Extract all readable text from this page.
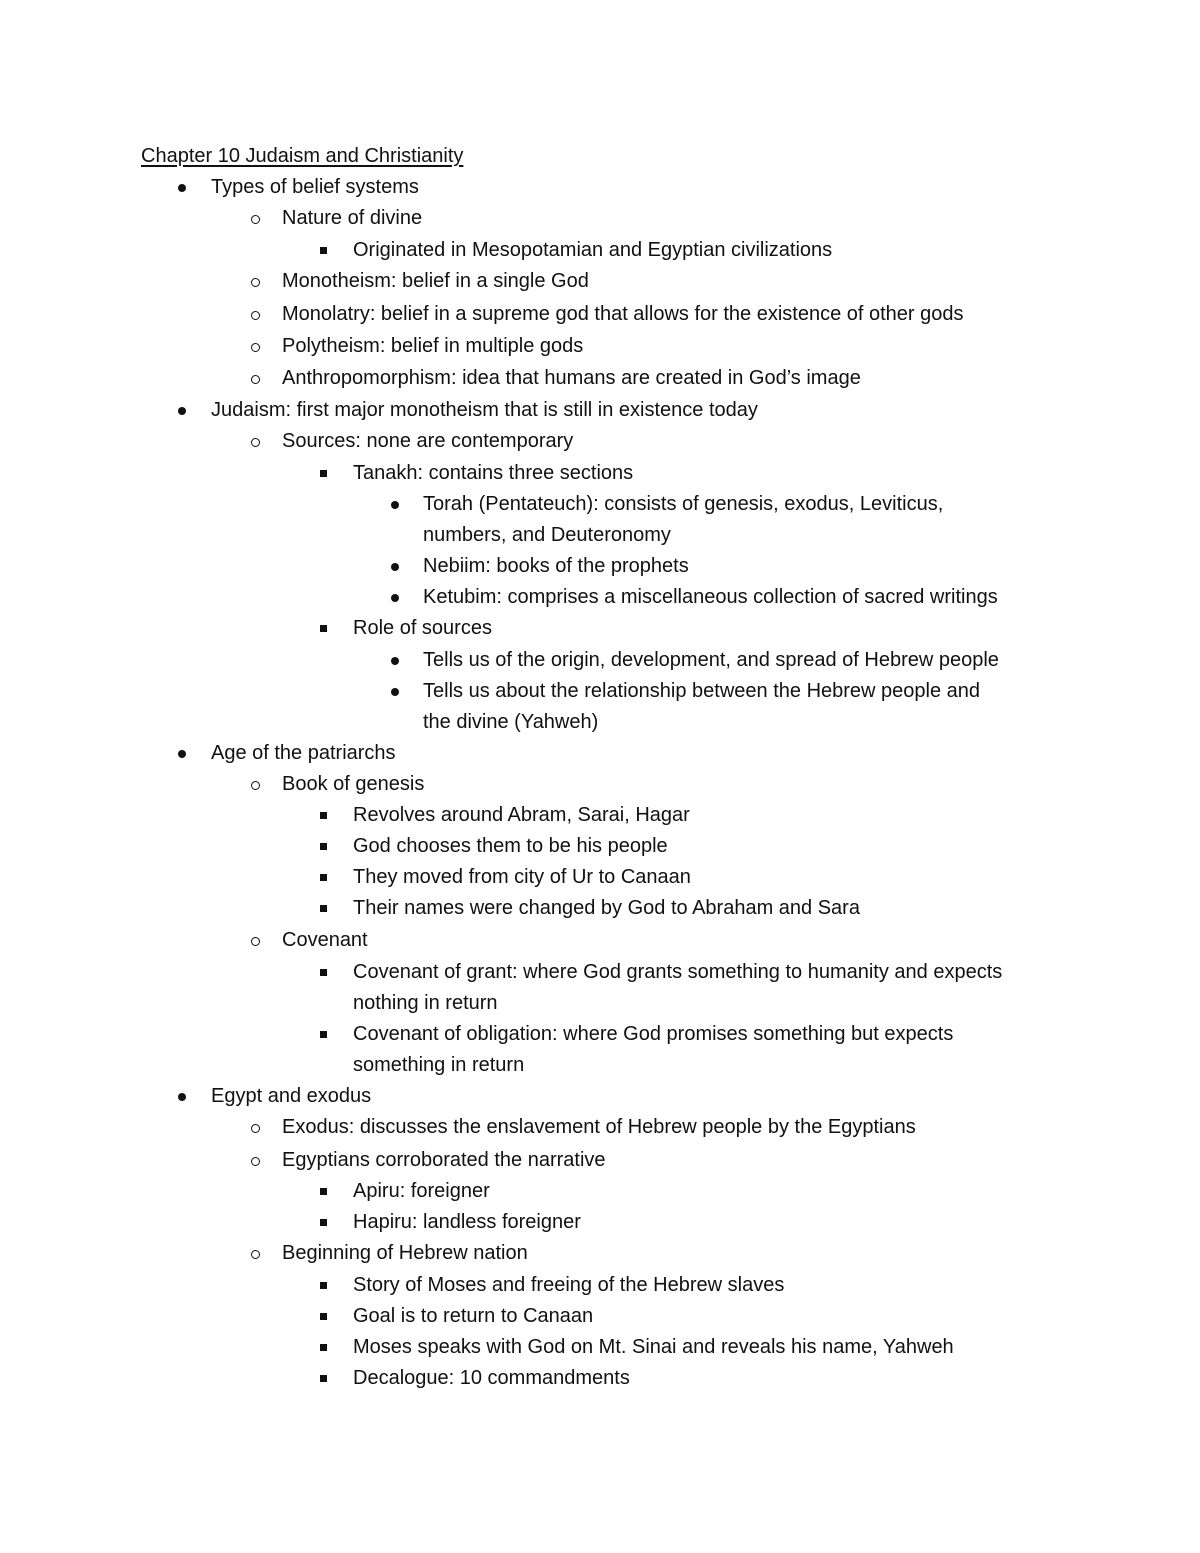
Chapter 10 Judaism and Christianity
Types of belief systems
Nature of divine
Originated in Mesopotamian and Egyptian civilizations
Monotheism: belief in a single God
Monolatry: belief in a supreme god that allows for the existence of other gods
Polytheism: belief in multiple gods
Anthropomorphism: idea that humans are created in God’s image
Judaism: first major monotheism that is still in existence today
Sources: none are contemporary
Tanakh: contains three sections
Torah (Pentateuch): consists of genesis, exodus, Leviticus,
numbers, and Deuteronomy
Nebiim: books of the prophets
Ketubim: comprises a miscellaneous collection of sacred writings
Role of sources
Tells us of the origin, development, and spread of Hebrew people
Tells us about the relationship between the Hebrew people and
the divine (Yahweh)
Age of the patriarchs
Book of genesis
Revolves around Abram, Sarai, Hagar
God chooses them to be his people
They moved from city of Ur to Canaan
Their names were changed by God to Abraham and Sara
Covenant
Covenant of grant: where God grants something to humanity and expects
nothing in return
Covenant of obligation: where God promises something but expects
something in return
Egypt and exodus
Exodus: discusses the enslavement of Hebrew people by the Egyptians
Egyptians corroborated the narrative
Apiru: foreigner
Hapiru: landless foreigner
Beginning of Hebrew nation
Story of Moses and freeing of the Hebrew slaves
Goal is to return to Canaan
Moses speaks with God on Mt. Sinai and reveals his name, Yahweh
Decalogue: 10 commandments
